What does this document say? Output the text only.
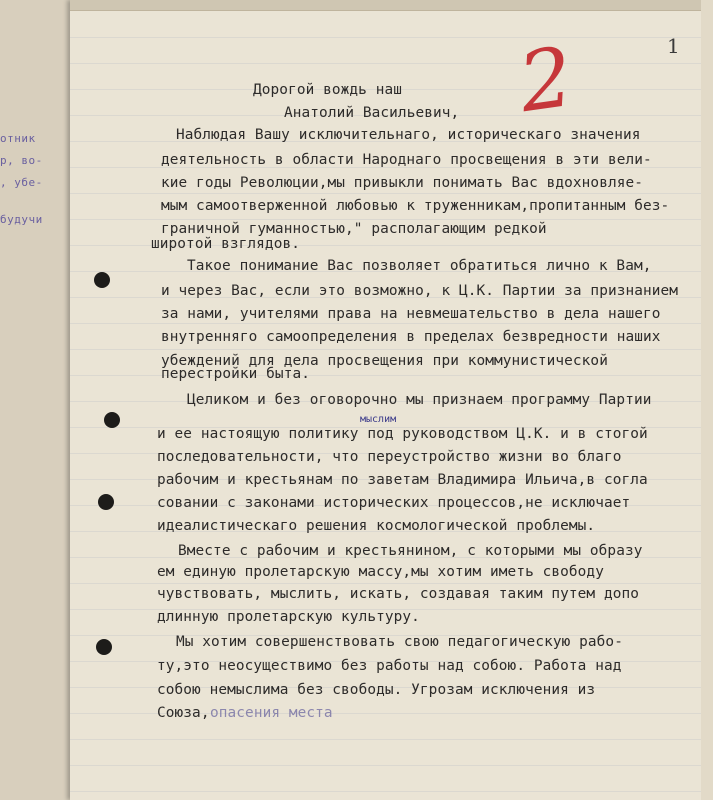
отник
р, во-
, убе-
будучи
1
2
Дорогой вождь наш
Анатолий Васильевич,
Наблюдая Вашу исключительнаго, историческаго значения
деятельность в области Народнаго просвещения в эти вели-
кие годы Революции,мы привыкли понимать Вас вдохновляе-
мым самоотверженной любовью к труженникам,пропитанным без-
граничной гуманностью," располагающим редкой
широтой взглядов.
Такое понимание Вас позволяет обратиться лично к Вам,
и через Вас, если это возможно, к Ц.К. Партии за признанием
за нами, учителями права на невмешательство в дела нашего
внутренняго самоопределения в пределах безвредности наших
убеждений для дела просвещения при коммунистической
перестройки быта.
Целиком и без оговорочно мы признаем программу Партии
мыслим
и ее настоящую политику под руководством Ц.К. и в стогой
последовательности, что переустройство жизни во благо
рабочим и крестьянам по заветам Владимира Ильича,в согла
совании с законами исторических процессов,не исключает
идеалистическаго решения космологической проблемы.
Вместе с рабочим и крестьянином, с которыми мы образу
ем единую пролетарскую массу,мы хотим иметь свободу
чувствовать, мыслить, искать, создавая таким путем допо
длинную пролетарскую культуру.
Мы хотим совершенствовать свою педагогическую рабо-
ту,это неосуществимо без работы над собою. Работа над
собою немыслима без свободы. Угрозам исключения из
Союза, опасения места
